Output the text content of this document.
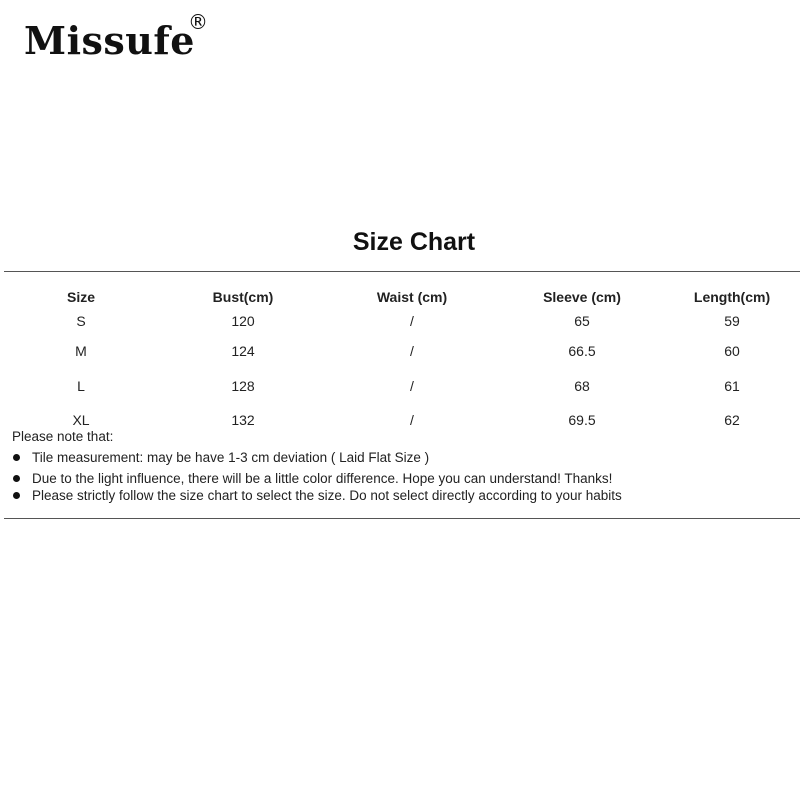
Missufe
®
Size Chart
Size	Bust(cm)	Waist (cm)	Sleeve (cm)	Length(cm)
S	120	/	65	59
M	124	/	66.5	60
L	128	/	68	61
XL	132	/	69.5	62
Please note that:
Tile measurement: may be have 1-3 cm deviation ( Laid Flat Size )
Due to the light influence, there will be a little color difference. Hope you can understand! Thanks!
Please strictly follow the size chart to select the size. Do not select directly according to your habits
